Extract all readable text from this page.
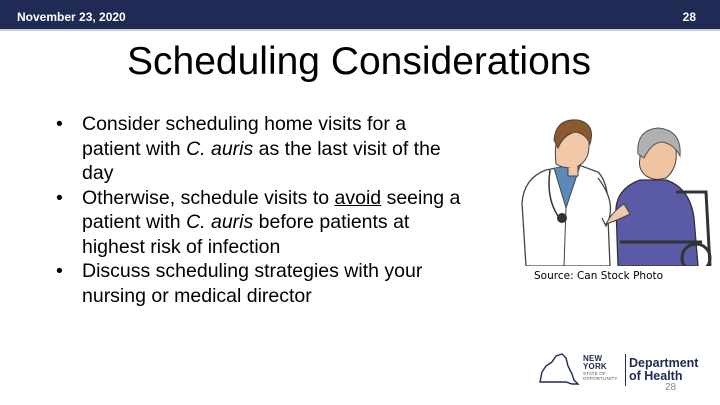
November 23, 2020	28
Scheduling Considerations
• Consider scheduling home visits for a patient with C. auris as the last visit of the day
• Otherwise, schedule visits to avoid seeing a patient with C. auris before patients at highest risk of infection
• Discuss scheduling strategies with your nursing or medical director
Source: Can Stock Photo
NEW
YORK
STATE OF
OPPORTUNITY
Department
of Health
28
